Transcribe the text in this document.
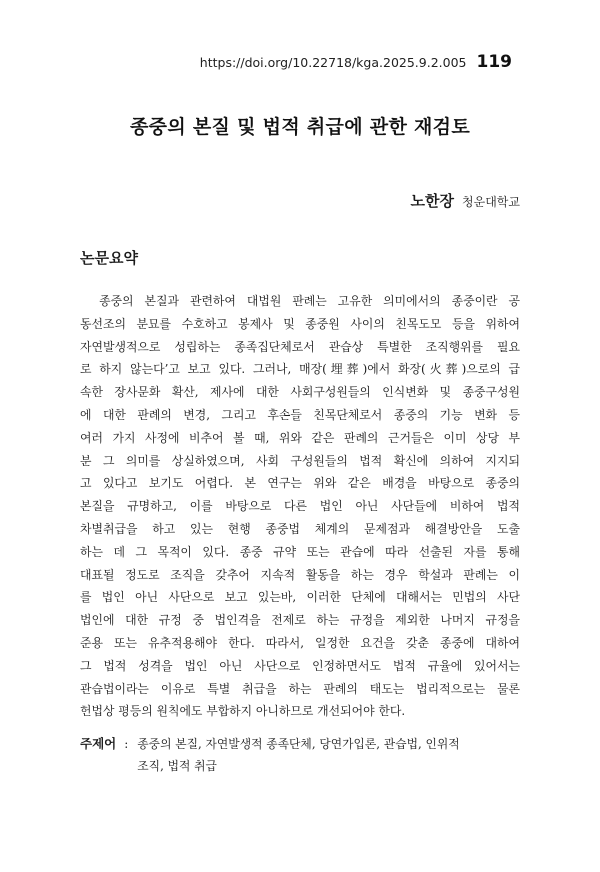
https://doi.org/10.22718/kga.2025.9.2.005 119
종중의 본질 및 법적 취급에 관한 재검토
노한장 청운대학교
논문요약
　종중의 본질과 관련하여 대법원 판례는 고유한 의미에서의 종중이란 공
동선조의 분묘를 수호하고 봉제사 및 종중원 사이의 친목도모 등을 위하여
자연발생적으로 성립하는 종족집단체로서 관습상 특별한 조직행위를 필요
로 하지 않는다’고 보고 있다. 그러나, 매장(埋葬)에서 화장(火葬)으로의 급
속한 장사문화 확산, 제사에 대한 사회구성원들의 인식변화 및 종중구성원
에 대한 판례의 변경, 그리고 후손들 친목단체로서 종중의 기능 변화 등
여러 가지 사정에 비추어 볼 때, 위와 같은 판례의 근거들은 이미 상당 부
분 그 의미를 상실하였으며, 사회 구성원들의 법적 확신에 의하여 지지되
고 있다고 보기도 어렵다. 본 연구는 위와 같은 배경을 바탕으로 종중의
본질을 규명하고, 이를 바탕으로 다른 법인 아닌 사단들에 비하여 법적
차별취급을 하고 있는 현행 종중법 체계의 문제점과 해결방안을 도출
하는 데 그 목적이 있다. 종중 규약 또는 관습에 따라 선출된 자를 통해
대표될 정도로 조직을 갖추어 지속적 활동을 하는 경우 학설과 판례는 이
를 법인 아닌 사단으로 보고 있는바, 이러한 단체에 대해서는 민법의 사단
법인에 대한 규정 중 법인격을 전제로 하는 규정을 제외한 나머지 규정을
준용 또는 유추적용해야 한다. 따라서, 일정한 요건을 갖춘 종중에 대하여
그 법적 성격을 법인 아닌 사단으로 인정하면서도 법적 규율에 있어서는
관습법이라는 이유로 특별 취급을 하는 판례의 태도는 법리적으로는 물론
헌법상 평등의 원칙에도 부합하지 아니하므로 개선되어야 한다.
주제어 : 종중의 본질, 자연발생적 종족단체, 당연가입론, 관습법, 인위적
조직, 법적 취급
